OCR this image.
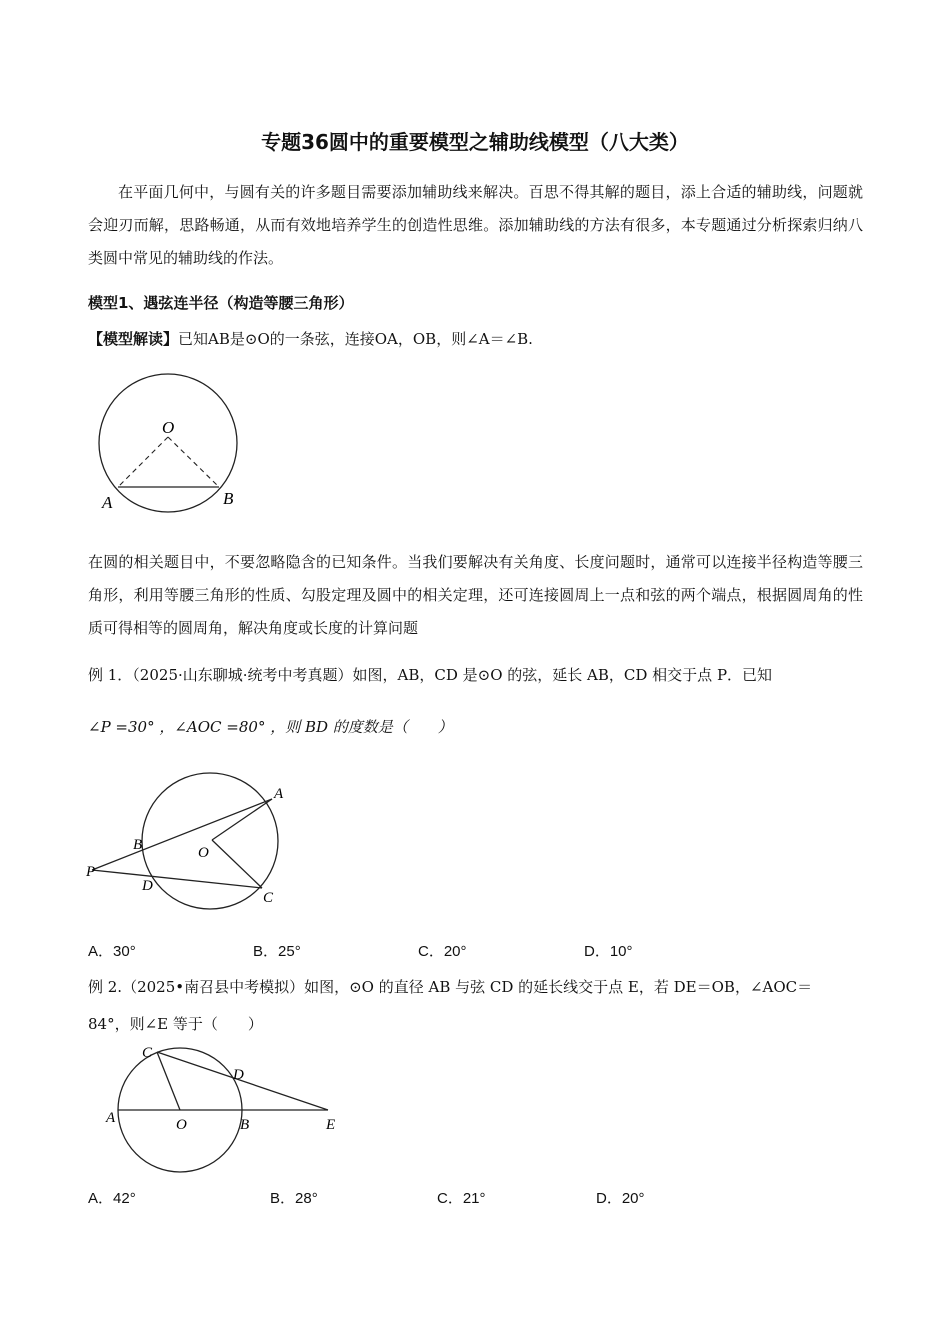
专题36圆中的重要模型之辅助线模型（八大类）
在平面几何中，与圆有关的许多题目需要添加辅助线来解决。百思不得其解的题目，添上合适的辅助线，问题就会迎刃而解，思路畅通，从而有效地培养学生的创造性思维。添加辅助线的方法有很多，本专题通过分析探索归纳八类圆中常见的辅助线的作法。
模型1、遇弦连半径（构造等腰三角形）
【模型解读】已知AB是⊙O的一条弦，连接OA，OB，则∠A＝∠B.
O
A	B
在圆的相关题目中，不要忽略隐含的已知条件。当我们要解决有关角度、长度问题时，通常可以连接半径构造等腰三角形，利用等腰三角形的性质、勾股定理及圆中的相关定理，还可连接圆周上一点和弦的两个端点，根据圆周角的性质可得相等的圆周角，解决角度或长度的计算问题
例 1．（2025·山东聊城·统考中考真题）如图，AB，CD 是⊙O 的弦，延长 AB，CD 相交于点 P．已知
∠P =30° ，∠AOC =80° ，则 BD 的度数是（　　）
A
B	O
P
D
C
A．30°	B．25°	C．20°	D．10°
例 2.（2025•南召县中考模拟）如图，⊙O 的直径 AB 与弦 CD 的延长线交于点 E，若 DE＝OB，∠AOC＝
84°，则∠E 等于（　　）
C
D
A	O	B	E
A．42°	B．28°	C．21°	D．20°
